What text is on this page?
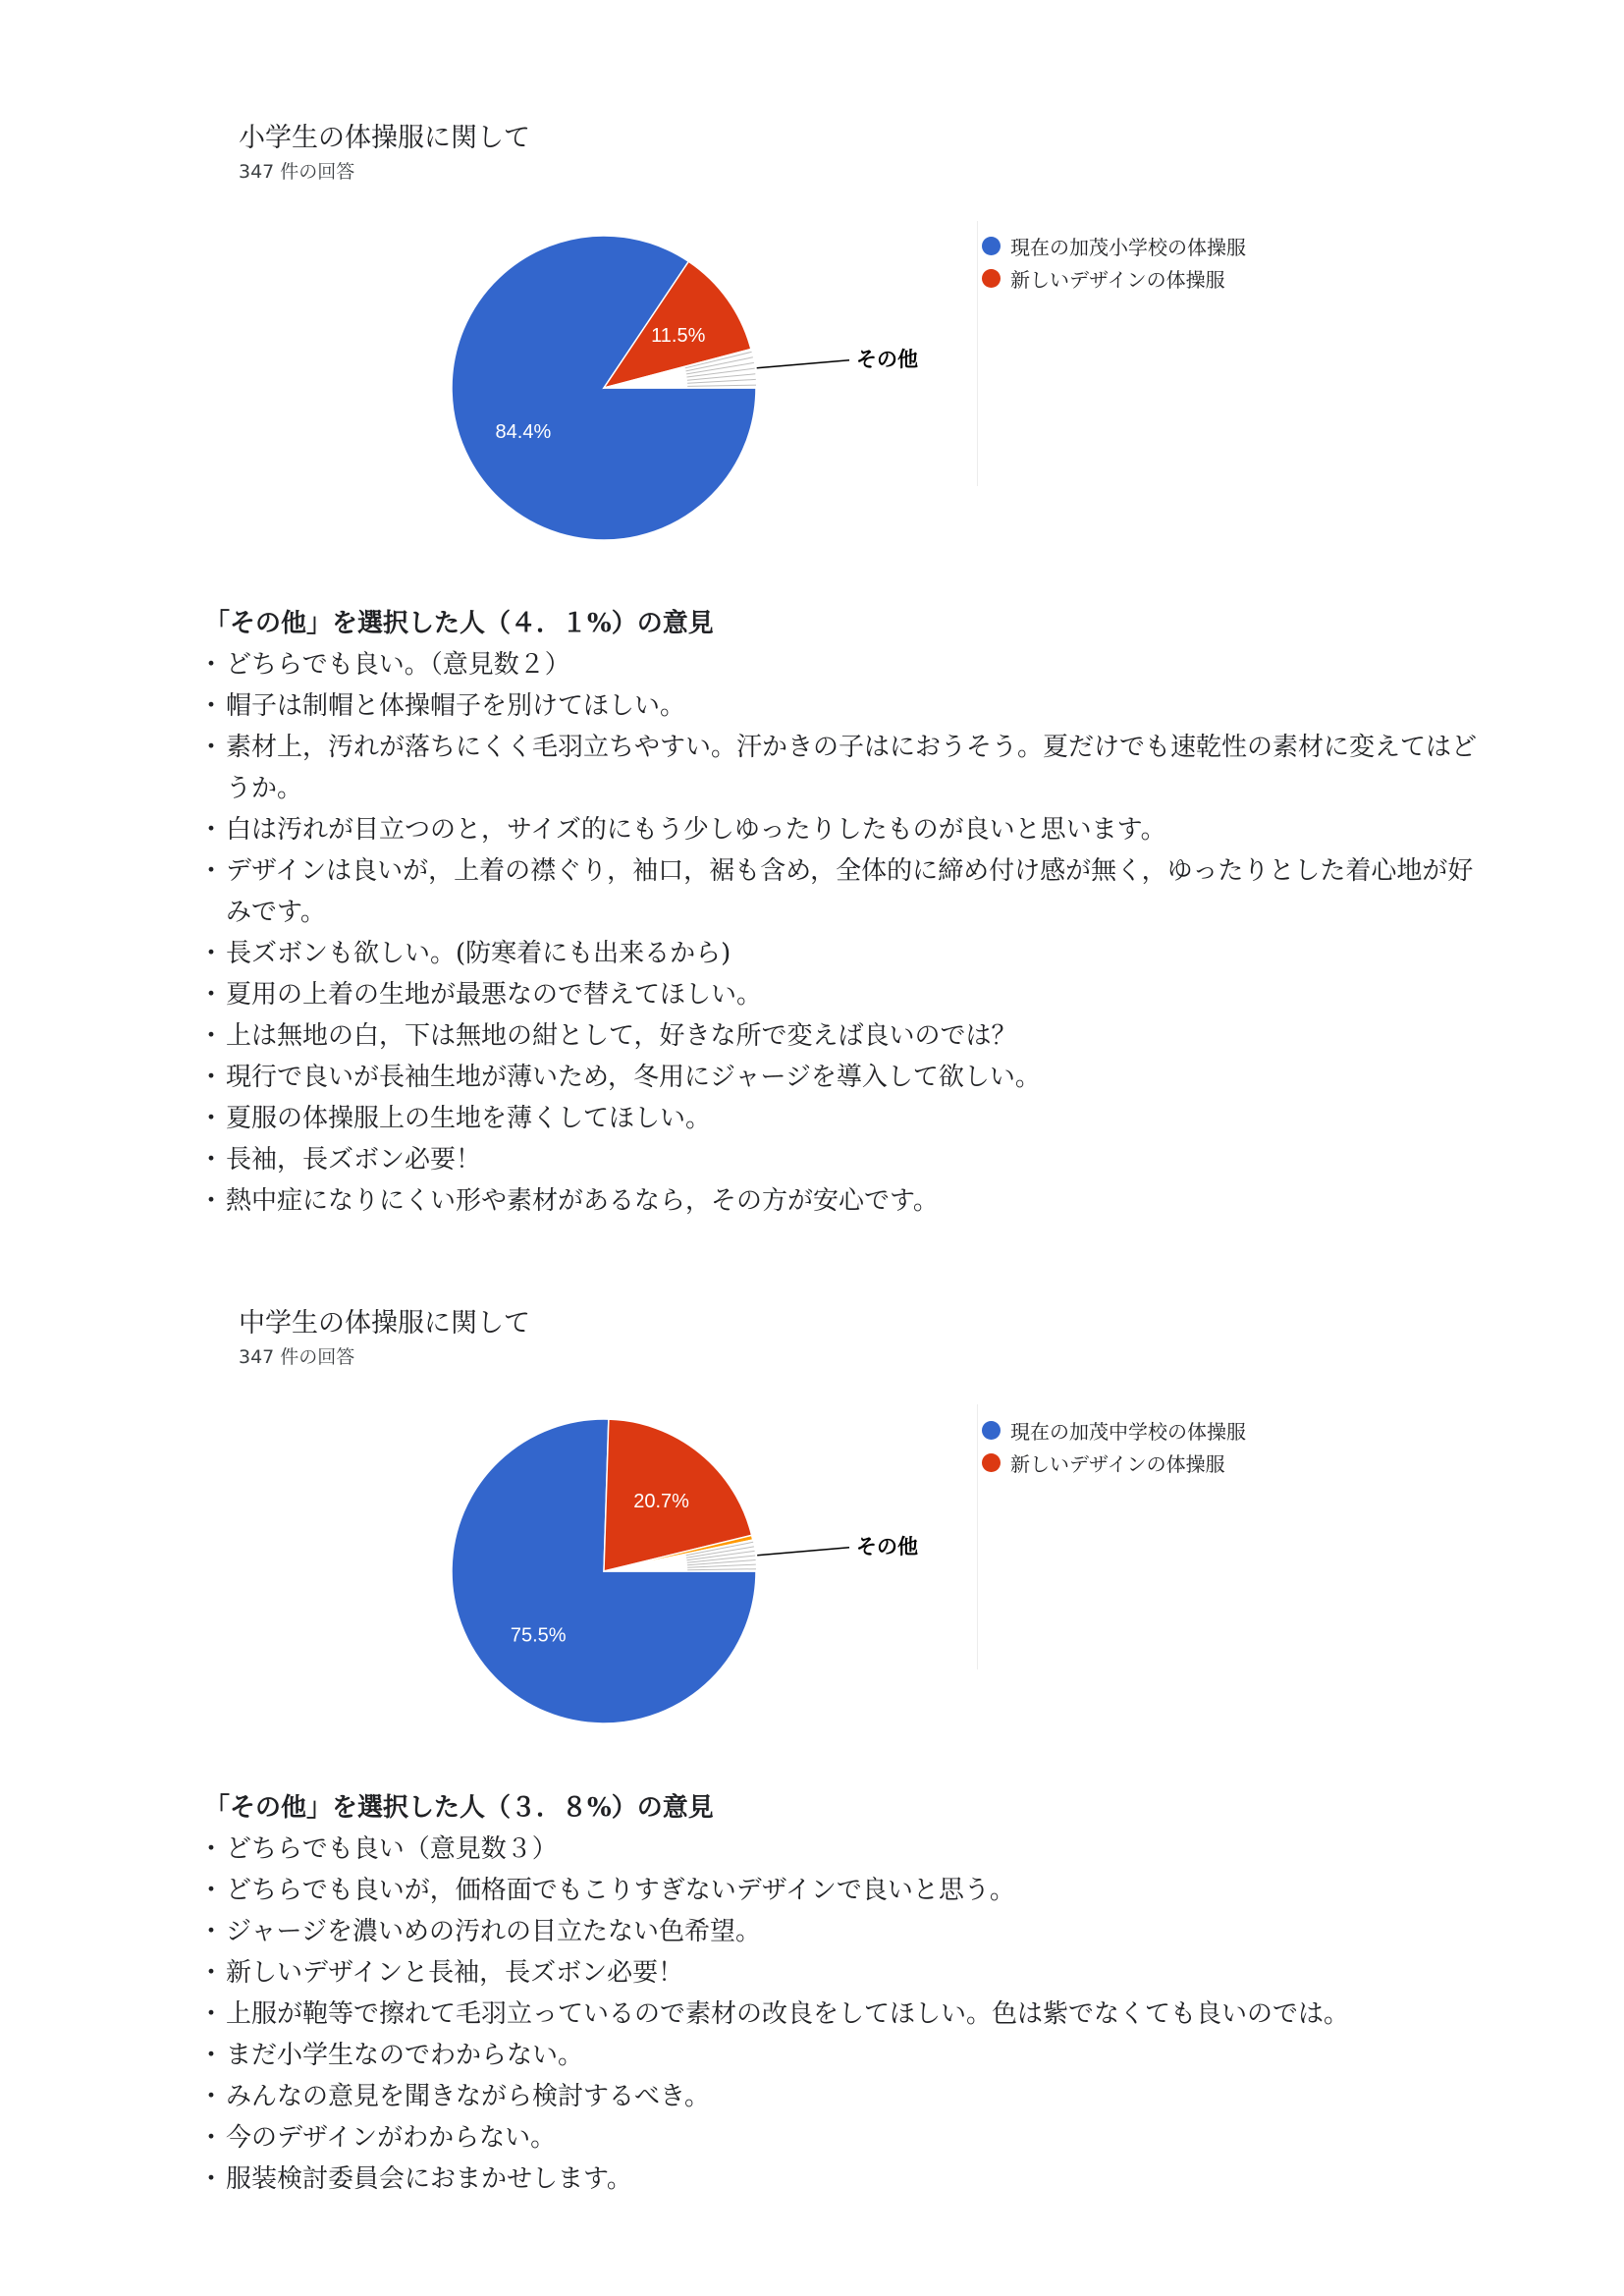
小学生の体操服に関して
347 件の回答
84.4%
11.5%
その他
現在の加茂小学校の体操服
新しいデザインの体操服
「その他」を選択した人（４．１%）の意見
・ どちらでも良い。（意見数２）
・ 帽子は制帽と体操帽子を別けてほしい。
・ 素材上，汚れが落ちにくく毛羽立ちやすい。汗かきの子はにおうそう。夏だけでも速乾性の素材に変えてはどうか。
・ 白は汚れが目立つのと，サイズ的にもう少しゆったりしたものが良いと思います。
・ デザインは良いが，上着の襟ぐり，袖口，裾も含め，全体的に締め付け感が無く，ゆったりとした着心地が好みです。
・ 長ズボンも欲しい。(防寒着にも出来るから)
・ 夏用の上着の生地が最悪なので替えてほしい。
・ 上は無地の白，下は無地の紺として，好きな所で変えば良いのでは？
・ 現行で良いが長袖生地が薄いため，冬用にジャージを導入して欲しい。
・ 夏服の体操服上の生地を薄くしてほしい。
・ 長袖，長ズボン必要！
・ 熱中症になりにくい形や素材があるなら，その方が安心です。
中学生の体操服に関して
347 件の回答
75.5%
20.7%
その他
現在の加茂中学校の体操服
新しいデザインの体操服
「その他」を選択した人（３．８%）の意見
・ どちらでも良い（意見数３）
・ どちらでも良いが，価格面でもこりすぎないデザインで良いと思う。
・ ジャージを濃いめの汚れの目立たない色希望。
・ 新しいデザインと長袖，長ズボン必要！
・ 上服が鞄等で擦れて毛羽立っているので素材の改良をしてほしい。色は紫でなくても良いのでは。
・ まだ小学生なのでわからない。
・ みんなの意見を聞きながら検討するべき。
・ 今のデザインがわからない。
・ 服装検討委員会におまかせします。
